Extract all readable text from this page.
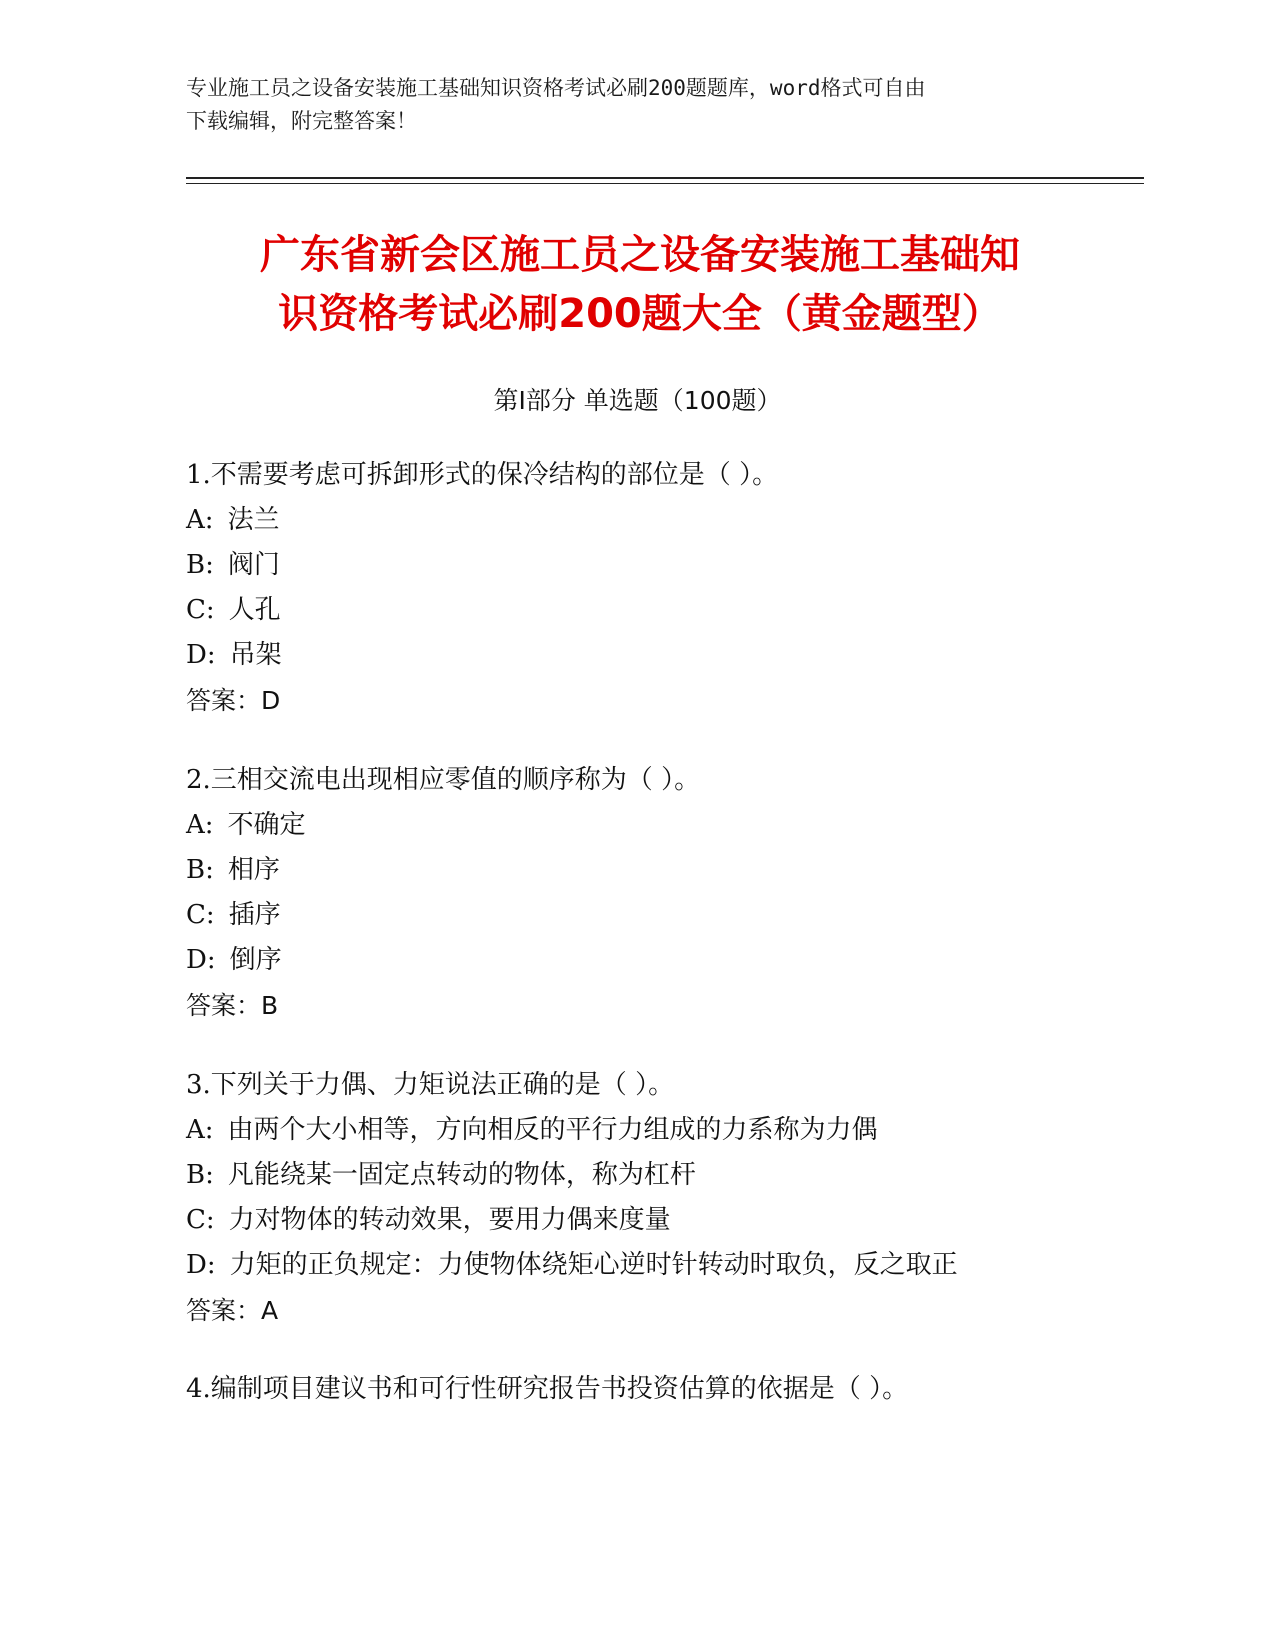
专业施工员之设备安装施工基础知识资格考试必刷200题题库，word格式可自由
下载编辑，附完整答案！
广东省新会区施工员之设备安装施工基础知
识资格考试必刷200题大全（黄金题型）
第Ⅰ部分 单选题（100题）
1.不需要考虑可拆卸形式的保冷结构的部位是（ ）。
A: 法兰
B: 阀门
C: 人孔
D: 吊架
答案：D
2.三相交流电出现相应零值的顺序称为（ ）。
A: 不确定
B: 相序
C: 插序
D: 倒序
答案：B
3.下列关于力偶、力矩说法正确的是（ ）。
A: 由两个大小相等，方向相反的平行力组成的力系称为力偶
B: 凡能绕某一固定点转动的物体，称为杠杆
C: 力对物体的转动效果，要用力偶来度量
D: 力矩的正负规定：力使物体绕矩心逆时针转动时取负，反之取正
答案：A
4.编制项目建议书和可行性研究报告书投资估算的依据是（ ）。
